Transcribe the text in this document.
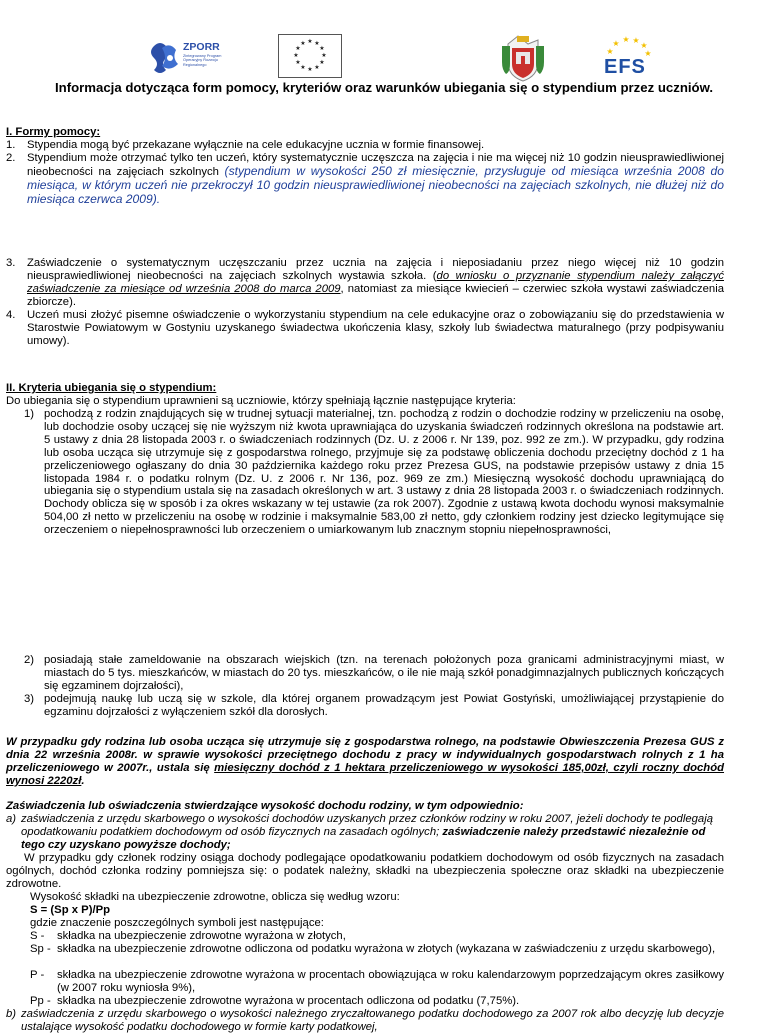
ZPORR
Zintegrowany Program Operacyjny Rozwoju Regionalnego
★ ★
★
★
★
★
★
★
★
★
★
★
★
★ ★ ★
★
★
EFS
Informacja dotycząca form pomocy, kryteriów oraz warunków ubiegania się o stypendium przez uczniów.

I. Formy pomocy:

1. Stypendia mogą być przekazane wyłącznie na cele edukacyjne ucznia w formie finansowej.

2. Stypendium może otrzymać tylko ten uczeń, który systematycznie uczęszcza na zajęcia i nie ma więcej niż 10 godzin nieusprawiedliwionej nieobecności na zajęciach szkolnych (stypendium w wysokości 250 zł miesięcznie, przysługuje od miesiąca września 2008 do miesiąca, w którym uczeń nie przekroczył 10 godzin nieusprawiedliwionej nieobecności na zajęciach szkolnych, nie dłużej niż do miesiąca czerwca 2009).

3. Zaświadczenie o systematycznym uczęszczaniu przez ucznia na zajęcia i nieposiadaniu przez niego więcej niż 10 godzin nieusprawiedliwionej nieobecności na zajęciach szkolnych wystawia szkoła. (do wniosku o przyznanie stypendium należy załączyć zaświadczenie za miesiące od września 2008 do marca 2009, natomiast za miesiące kwiecień – czerwiec szkoła wystawi zaświadczenia zbiorcze).

4. Uczeń musi złożyć pisemne oświadczenie o wykorzystaniu stypendium na cele edukacyjne oraz o zobowiązaniu się do przedstawienia w Starostwie Powiatowym w Gostyniu uzyskanego świadectwa ukończenia klasy, szkoły lub świadectwa maturalnego (przy podpisywaniu umowy).

II. Kryteria ubiegania się o stypendium:

Do ubiegania się o stypendium uprawnieni są uczniowie, którzy spełniają łącznie następujące kryteria:

1) pochodzą z rodzin znajdujących się w trudnej sytuacji materialnej, tzn. pochodzą z rodzin o dochodzie rodziny w przeliczeniu na osobę, lub dochodzie osoby uczącej się nie wyższym niż kwota uprawniająca do uzyskania świadczeń rodzinnych określona na podstawie art. 5 ustawy z dnia 28 listopada 2003 r. o świadczeniach rodzinnych (Dz. U. z 2006 r. Nr 139, poz. 992 ze zm.). W przypadku, gdy rodzina lub osoba ucząca się utrzymuje się z gospodarstwa rolnego, przyjmuje się za podstawę obliczenia dochodu przeciętny dochód z 1 ha przeliczeniowego ogłaszany do dnia 30 października każdego roku przez Prezesa GUS, na podstawie przepisów ustawy z dnia 15 listopada 1984 r. o podatku rolnym (Dz. U. z 2006 r. Nr 136, poz. 969 ze zm.) Miesięczną wysokość dochodu uprawniającą do ubiegania się o stypendium ustala się na zasadach określonych w art. 3 ustawy z dnia 28 listopada 2003 r. o świadczeniach rodzinnych. Dochody oblicza się w sposób i za okres wskazany w tej ustawie (za rok 2007). Zgodnie z ustawą kwota dochodu wynosi maksymalnie 504,00 zł netto w przeliczeniu na osobę w rodzinie i maksymalnie 583,00 zł netto, gdy członkiem rodziny jest dziecko legitymujące się orzeczeniem o niepełnosprawności lub orzeczeniem o umiarkowanym lub znacznym stopniu niepełnosprawności,

2) posiadają stałe zameldowanie na obszarach wiejskich (tzn. na terenach położonych poza granicami administracyjnymi miast, w miastach do 5 tys. mieszkańców, w miastach do 20 tys. mieszkańców, o ile nie mają szkół ponadgimnazjalnych publicznych kończących się egzaminem dojrzałości),

3) podejmują naukę lub uczą się w szkole, dla której organem prowadzącym jest Powiat Gostyński, umożliwiającej przystąpienie do egzaminu dojrzałości z wyłączeniem szkół dla dorosłych.

W przypadku gdy rodzina lub osoba ucząca się utrzymuje się z gospodarstwa rolnego, na podstawie Obwieszczenia Prezesa GUS z dnia 22 września 2008r. w sprawie wysokości przeciętnego dochodu z pracy w indywidualnych gospodarstwach rolnych z 1 ha przeliczeniowego w 2007r., ustala się miesięczny dochód z 1 hektara przeliczeniowego w wysokości 185,00zł, czyli roczny dochód wynosi 2220zł.

Zaświadczenia lub oświadczenia stwierdzające wysokość dochodu rodziny, w tym odpowiednio:

a) zaświadczenia z urzędu skarbowego o wysokości dochodów uzyskanych przez członków rodziny w roku 2007, jeżeli dochody te podlegają opodatkowaniu podatkiem dochodowym od osób fizycznych na zasadach ogólnych; zaświadczenie należy przedstawić niezależnie od tego czy uzyskano powyższe dochody;

W przypadku gdy członek rodziny osiąga dochody podlegające opodatkowaniu podatkiem dochodowym od osób fizycznych na zasadach ogólnych, dochód członka rodziny pomniejsza się: o podatek należny, składki na ubezpieczenia społeczne oraz składki na ubezpieczenie zdrowotne.

Wysokość składki na ubezpieczenie zdrowotne, oblicza się według wzoru:

S = (Sp x P)/Pp

gdzie znaczenie poszczególnych symboli jest następujące:

S - składka na ubezpieczenie zdrowotne wyrażona w złotych,

Sp - składka na ubezpieczenie zdrowotne odliczona od podatku wyrażona w złotych (wykazana w zaświadczeniu z urzędu skarbowego),

P - składka na ubezpieczenie zdrowotne wyrażona w procentach obowiązująca w roku kalendarzowym poprzedzającym okres zasiłkowy (w 2007 roku wyniosła 9%),

Pp - składka na ubezpieczenie zdrowotne wyrażona w procentach odliczona od podatku (7,75%).

b) zaświadczenia z urzędu skarbowego o wysokości należnego zryczałtowanego podatku dochodowego za 2007 rok albo decyzję lub decyzje ustalające wysokość podatku dochodowego w formie karty podatkowej,
